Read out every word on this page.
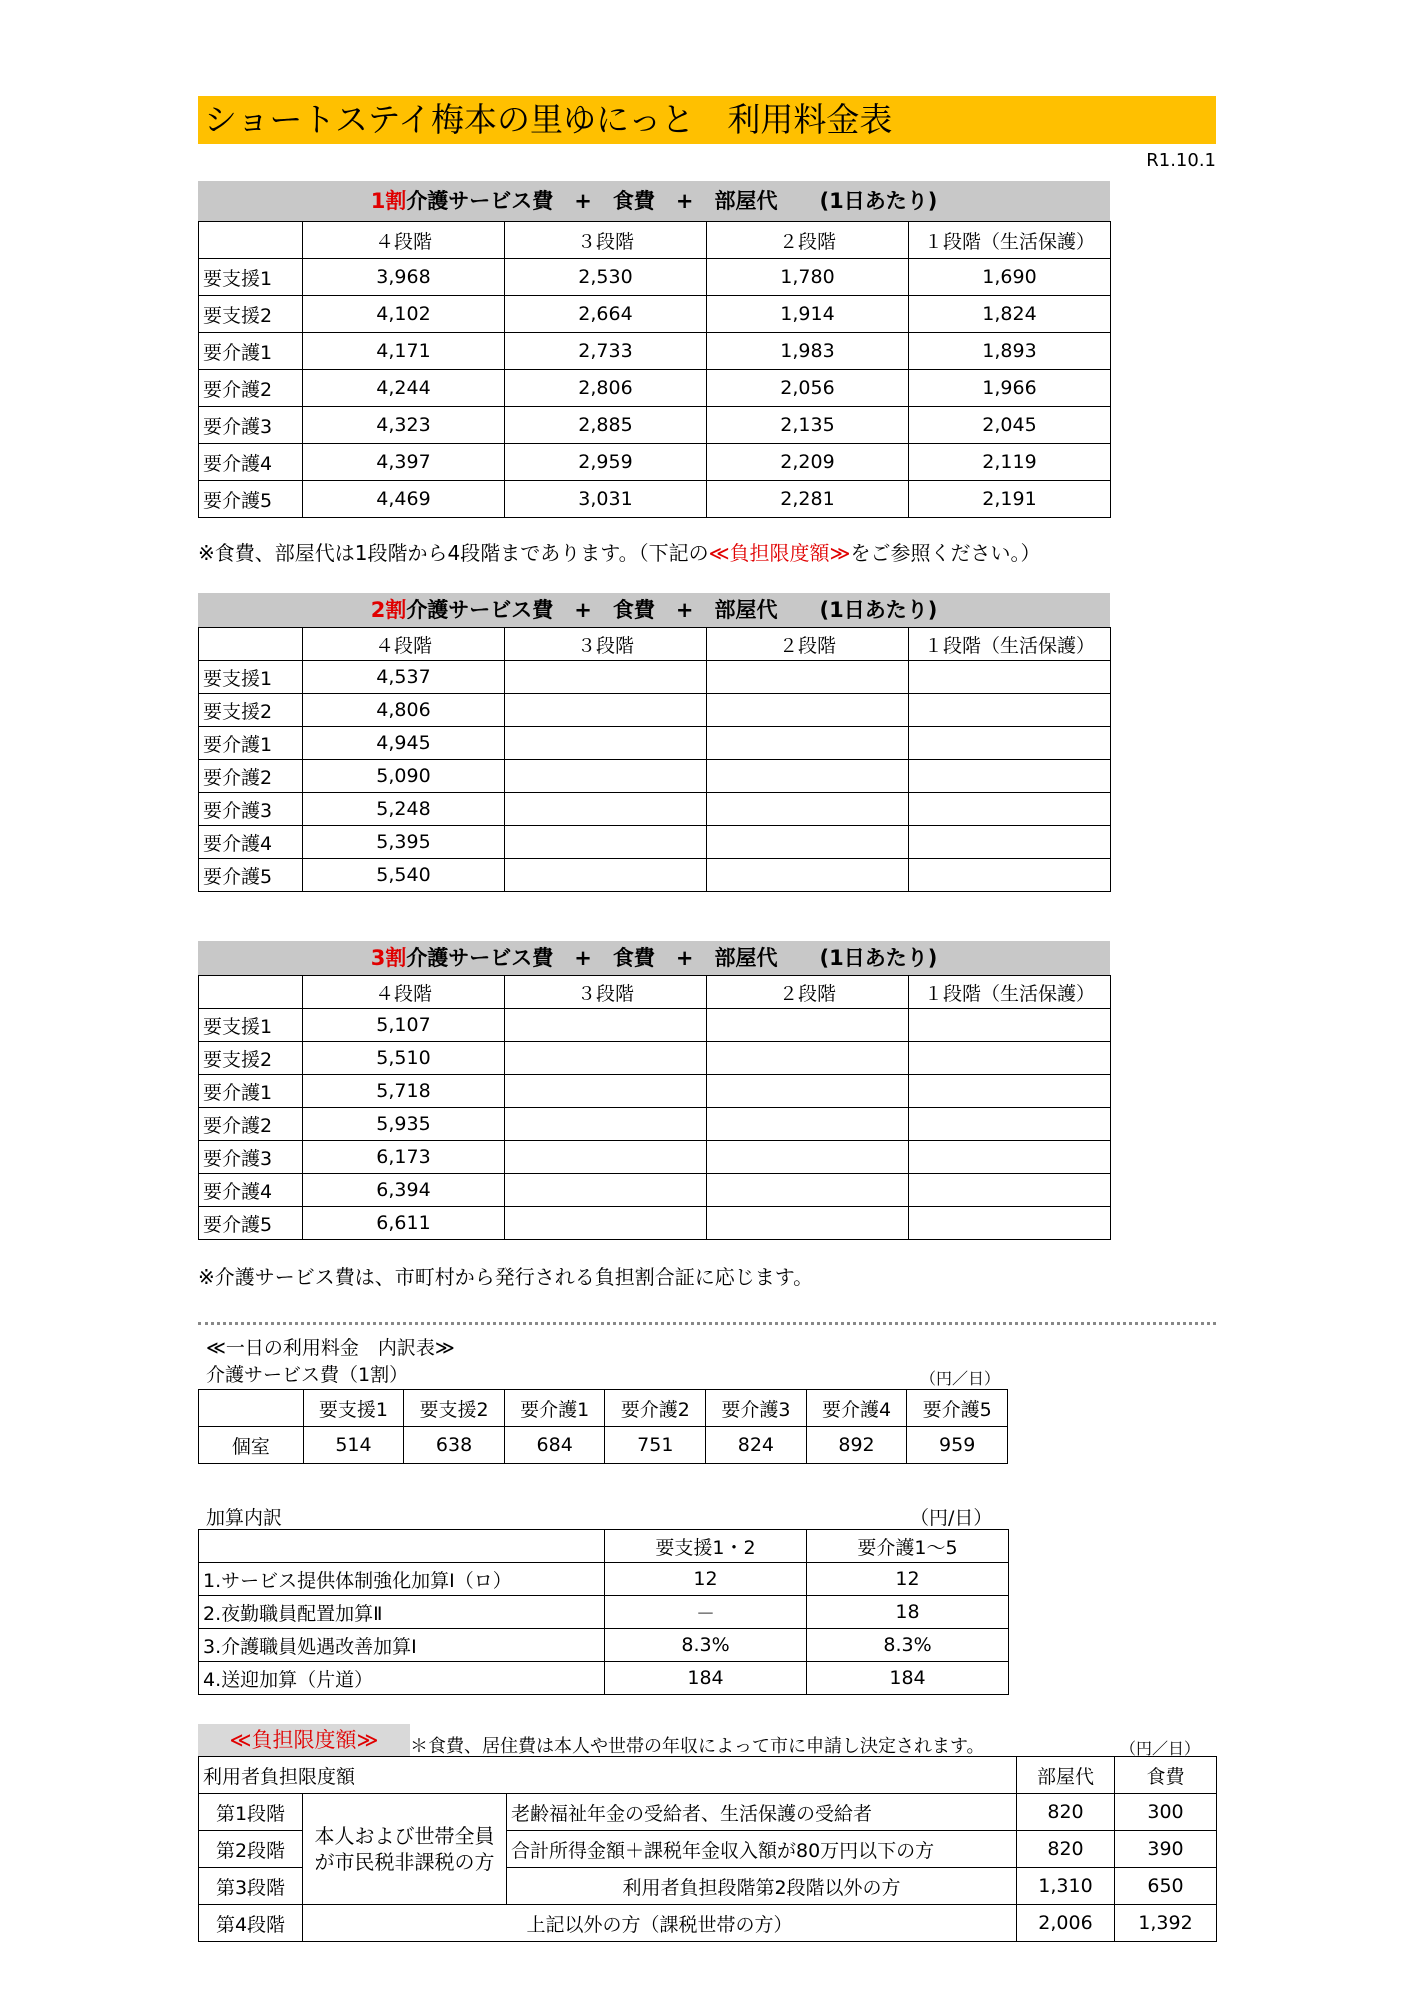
ショートステイ梅本の里ゆにっと　利用料金表
R1.10.1
1割介護サービス費　+　食費　+　部屋代　　(1日あたり)
	４段階	３段階	２段階	１段階（生活保護）
要支援1	3,968	2,530	1,780	1,690
要支援2	4,102	2,664	1,914	1,824
要介護1	4,171	2,733	1,983	1,893
要介護2	4,244	2,806	2,056	1,966
要介護3	4,323	2,885	2,135	2,045
要介護4	4,397	2,959	2,209	2,119
要介護5	4,469	3,031	2,281	2,191
※食費、部屋代は1段階から4段階まであります。（下記の≪負担限度額≫をご参照ください。）
2割介護サービス費　+　食費　+　部屋代　　(1日あたり)
	４段階	３段階	２段階	１段階（生活保護）
要支援1	4,537			
要支援2	4,806			
要介護1	4,945			
要介護2	5,090			
要介護3	5,248			
要介護4	5,395			
要介護5	5,540			
3割介護サービス費　+　食費　+　部屋代　　(1日あたり)
	４段階	３段階	２段階	１段階（生活保護）
要支援1	5,107			
要支援2	5,510			
要介護1	5,718			
要介護2	5,935			
要介護3	6,173			
要介護4	6,394			
要介護5	6,611			
※介護サービス費は、市町村から発行される負担割合証に応じます。
≪一日の利用料金　内訳表≫
介護サービス費（1割）	（円／日）
	要支援1	要支援2	要介護1	要介護2	要介護3	要介護4	要介護5
個室	514	638	684	751	824	892	959
加算内訳	（円/日）
	要支援1・2	要介護1～5
1.サービス提供体制強化加算Ⅰ（ロ）	12	12
2.夜勤職員配置加算Ⅱ	－	18
3.介護職員処遇改善加算Ⅰ	8.3%	8.3%
4.送迎加算（片道）	184	184
≪負担限度額≫	＊食費、居住費は本人や世帯の年収によって市に申請し決定されます。	（円／日）
利用者負担限度額			部屋代	食費
第1段階	本人および世帯全員が市民税非課税の方	老齢福祉年金の受給者、生活保護の受給者	820	300
第2段階		合計所得金額＋課税年金収入額が80万円以下の方	820	390
第3段階		利用者負担段階第2段階以外の方	1,310	650
第4段階	上記以外の方（課税世帯の方）		2,006	1,392
